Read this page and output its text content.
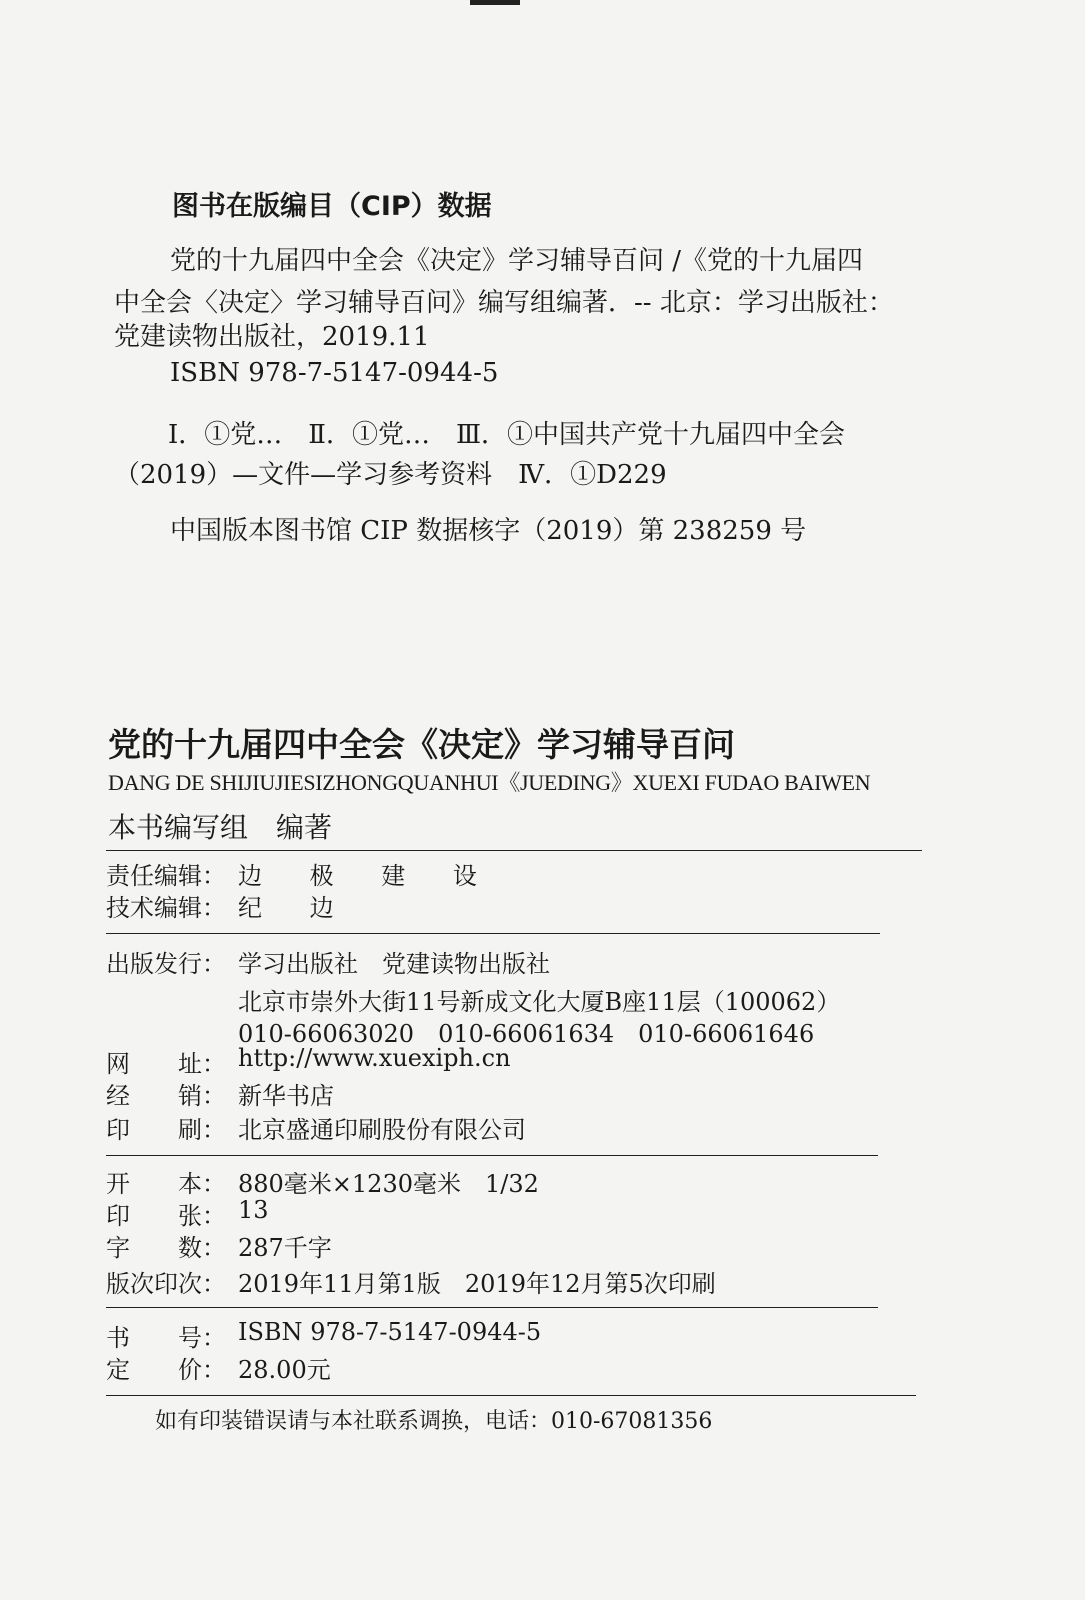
图书在版编目（CIP）数据
党的十九届四中全会《决定》学习辅导百问 /《党的十九届四
中全会〈决定〉学习辅导百问》编写组编著．-- 北京：学习出版社：
党建读物出版社，2019.11
ISBN 978-7-5147-0944-5
Ⅰ．①党…　Ⅱ．①党…　Ⅲ．①中国共产党十九届四中全会
（2019）—文件—学习参考资料　Ⅳ．①D229
中国版本图书馆 CIP 数据核字（2019）第 238259 号
党的十九届四中全会《决定》学习辅导百问
DANG DE SHIJIUJIESIZHONGQUANHUI《JUEDING》XUEXI FUDAO BAIWEN
本书编写组　编著
责任编辑： 边 极 建 设
技术编辑： 纪 边
出版发行： 学习出版社　党建读物出版社
北京市崇外大街11号新成文化大厦B座11层（100062）
010-66063020　010-66061634　010-66061646
网　　址： http://www.xuexiph.cn
经　　销： 新华书店
印　　刷： 北京盛通印刷股份有限公司
开　　本： 880毫米×1230毫米　1/32
印　　张： 13
字　　数： 287千字
版次印次： 2019年11月第1版　2019年12月第5次印刷
书　　号： ISBN 978-7-5147-0944-5
定　　价： 28.00元
如有印装错误请与本社联系调换，电话：010-67081356
